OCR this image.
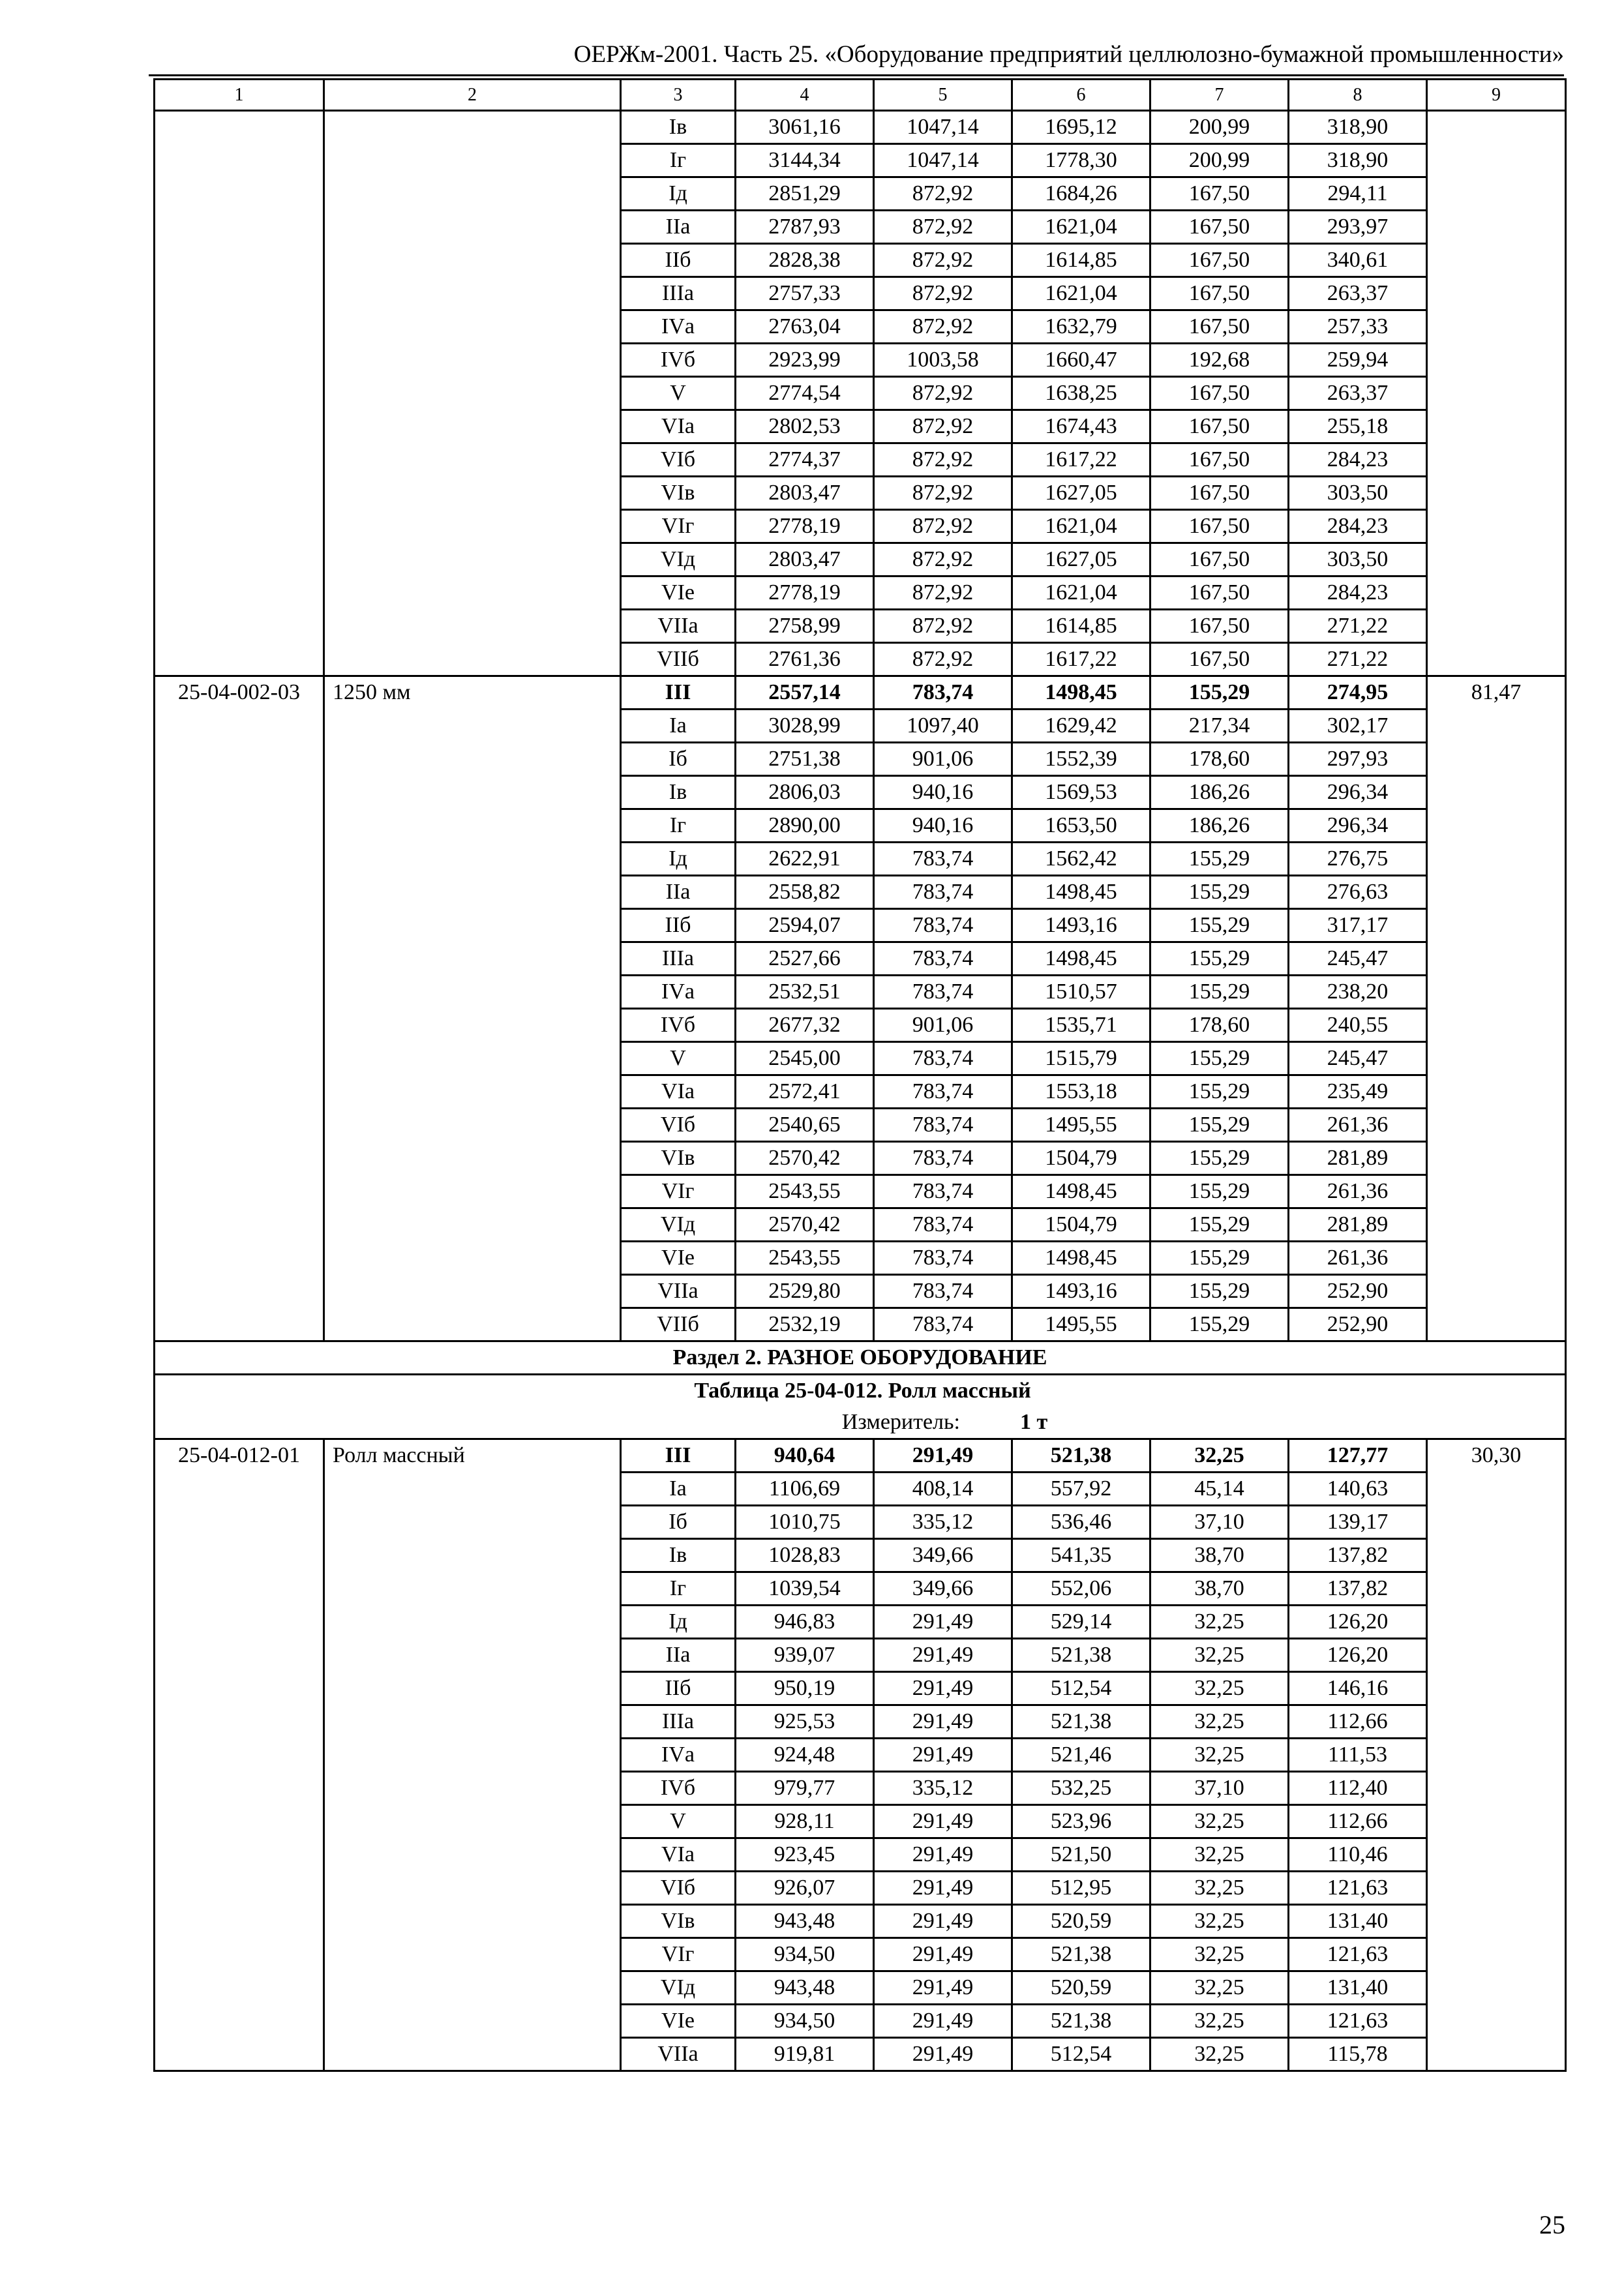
ОЕРЖм-2001. Часть 25. «Оборудование предприятий целлюлозно-бумажной промышленности»
1	2	3	4	5	6	7	8	9
		Iв	3061,16	1047,14	1695,12	200,99	318,90	
		Iг	3144,34	1047,14	1778,30	200,99	318,90	
		Iд	2851,29	872,92	1684,26	167,50	294,11	
		IIа	2787,93	872,92	1621,04	167,50	293,97	
		IIб	2828,38	872,92	1614,85	167,50	340,61	
		IIIа	2757,33	872,92	1621,04	167,50	263,37	
		IVа	2763,04	872,92	1632,79	167,50	257,33	
		IVб	2923,99	1003,58	1660,47	192,68	259,94	
		V	2774,54	872,92	1638,25	167,50	263,37	
		VIа	2802,53	872,92	1674,43	167,50	255,18	
		VIб	2774,37	872,92	1617,22	167,50	284,23	
		VIв	2803,47	872,92	1627,05	167,50	303,50	
		VIг	2778,19	872,92	1621,04	167,50	284,23	
		VIд	2803,47	872,92	1627,05	167,50	303,50	
		VIе	2778,19	872,92	1621,04	167,50	284,23	
		VIIа	2758,99	872,92	1614,85	167,50	271,22	
		VIIб	2761,36	872,92	1617,22	167,50	271,22	
25-04-002-03	1250 мм	III	2557,14	783,74	1498,45	155,29	274,95	81,47
		Iа	3028,99	1097,40	1629,42	217,34	302,17	
		Iб	2751,38	901,06	1552,39	178,60	297,93	
		Iв	2806,03	940,16	1569,53	186,26	296,34	
		Iг	2890,00	940,16	1653,50	186,26	296,34	
		Iд	2622,91	783,74	1562,42	155,29	276,75	
		IIа	2558,82	783,74	1498,45	155,29	276,63	
		IIб	2594,07	783,74	1493,16	155,29	317,17	
		IIIа	2527,66	783,74	1498,45	155,29	245,47	
		IVа	2532,51	783,74	1510,57	155,29	238,20	
		IVб	2677,32	901,06	1535,71	178,60	240,55	
		V	2545,00	783,74	1515,79	155,29	245,47	
		VIа	2572,41	783,74	1553,18	155,29	235,49	
		VIб	2540,65	783,74	1495,55	155,29	261,36	
		VIв	2570,42	783,74	1504,79	155,29	281,89	
		VIг	2543,55	783,74	1498,45	155,29	261,36	
		VIд	2570,42	783,74	1504,79	155,29	281,89	
		VIе	2543,55	783,74	1498,45	155,29	261,36	
		VIIа	2529,80	783,74	1493,16	155,29	252,90	
		VIIб	2532,19	783,74	1495,55	155,29	252,90	
Раздел 2. РАЗНОЕ ОБОРУДОВАНИЕ								
Таблица 25-04-012. Ролл массный								
Измеритель: 1 т								
25-04-012-01	Ролл массный	III	940,64	291,49	521,38	32,25	127,77	30,30
		Iа	1106,69	408,14	557,92	45,14	140,63	
		Iб	1010,75	335,12	536,46	37,10	139,17	
		Iв	1028,83	349,66	541,35	38,70	137,82	
		Iг	1039,54	349,66	552,06	38,70	137,82	
		Iд	946,83	291,49	529,14	32,25	126,20	
		IIа	939,07	291,49	521,38	32,25	126,20	
		IIб	950,19	291,49	512,54	32,25	146,16	
		IIIа	925,53	291,49	521,38	32,25	112,66	
		IVа	924,48	291,49	521,46	32,25	111,53	
		IVб	979,77	335,12	532,25	37,10	112,40	
		V	928,11	291,49	523,96	32,25	112,66	
		VIа	923,45	291,49	521,50	32,25	110,46	
		VIб	926,07	291,49	512,95	32,25	121,63	
		VIв	943,48	291,49	520,59	32,25	131,40	
		VIг	934,50	291,49	521,38	32,25	121,63	
		VIд	943,48	291,49	520,59	32,25	131,40	
		VIе	934,50	291,49	521,38	32,25	121,63	
		VIIа	919,81	291,49	512,54	32,25	115,78	
25
